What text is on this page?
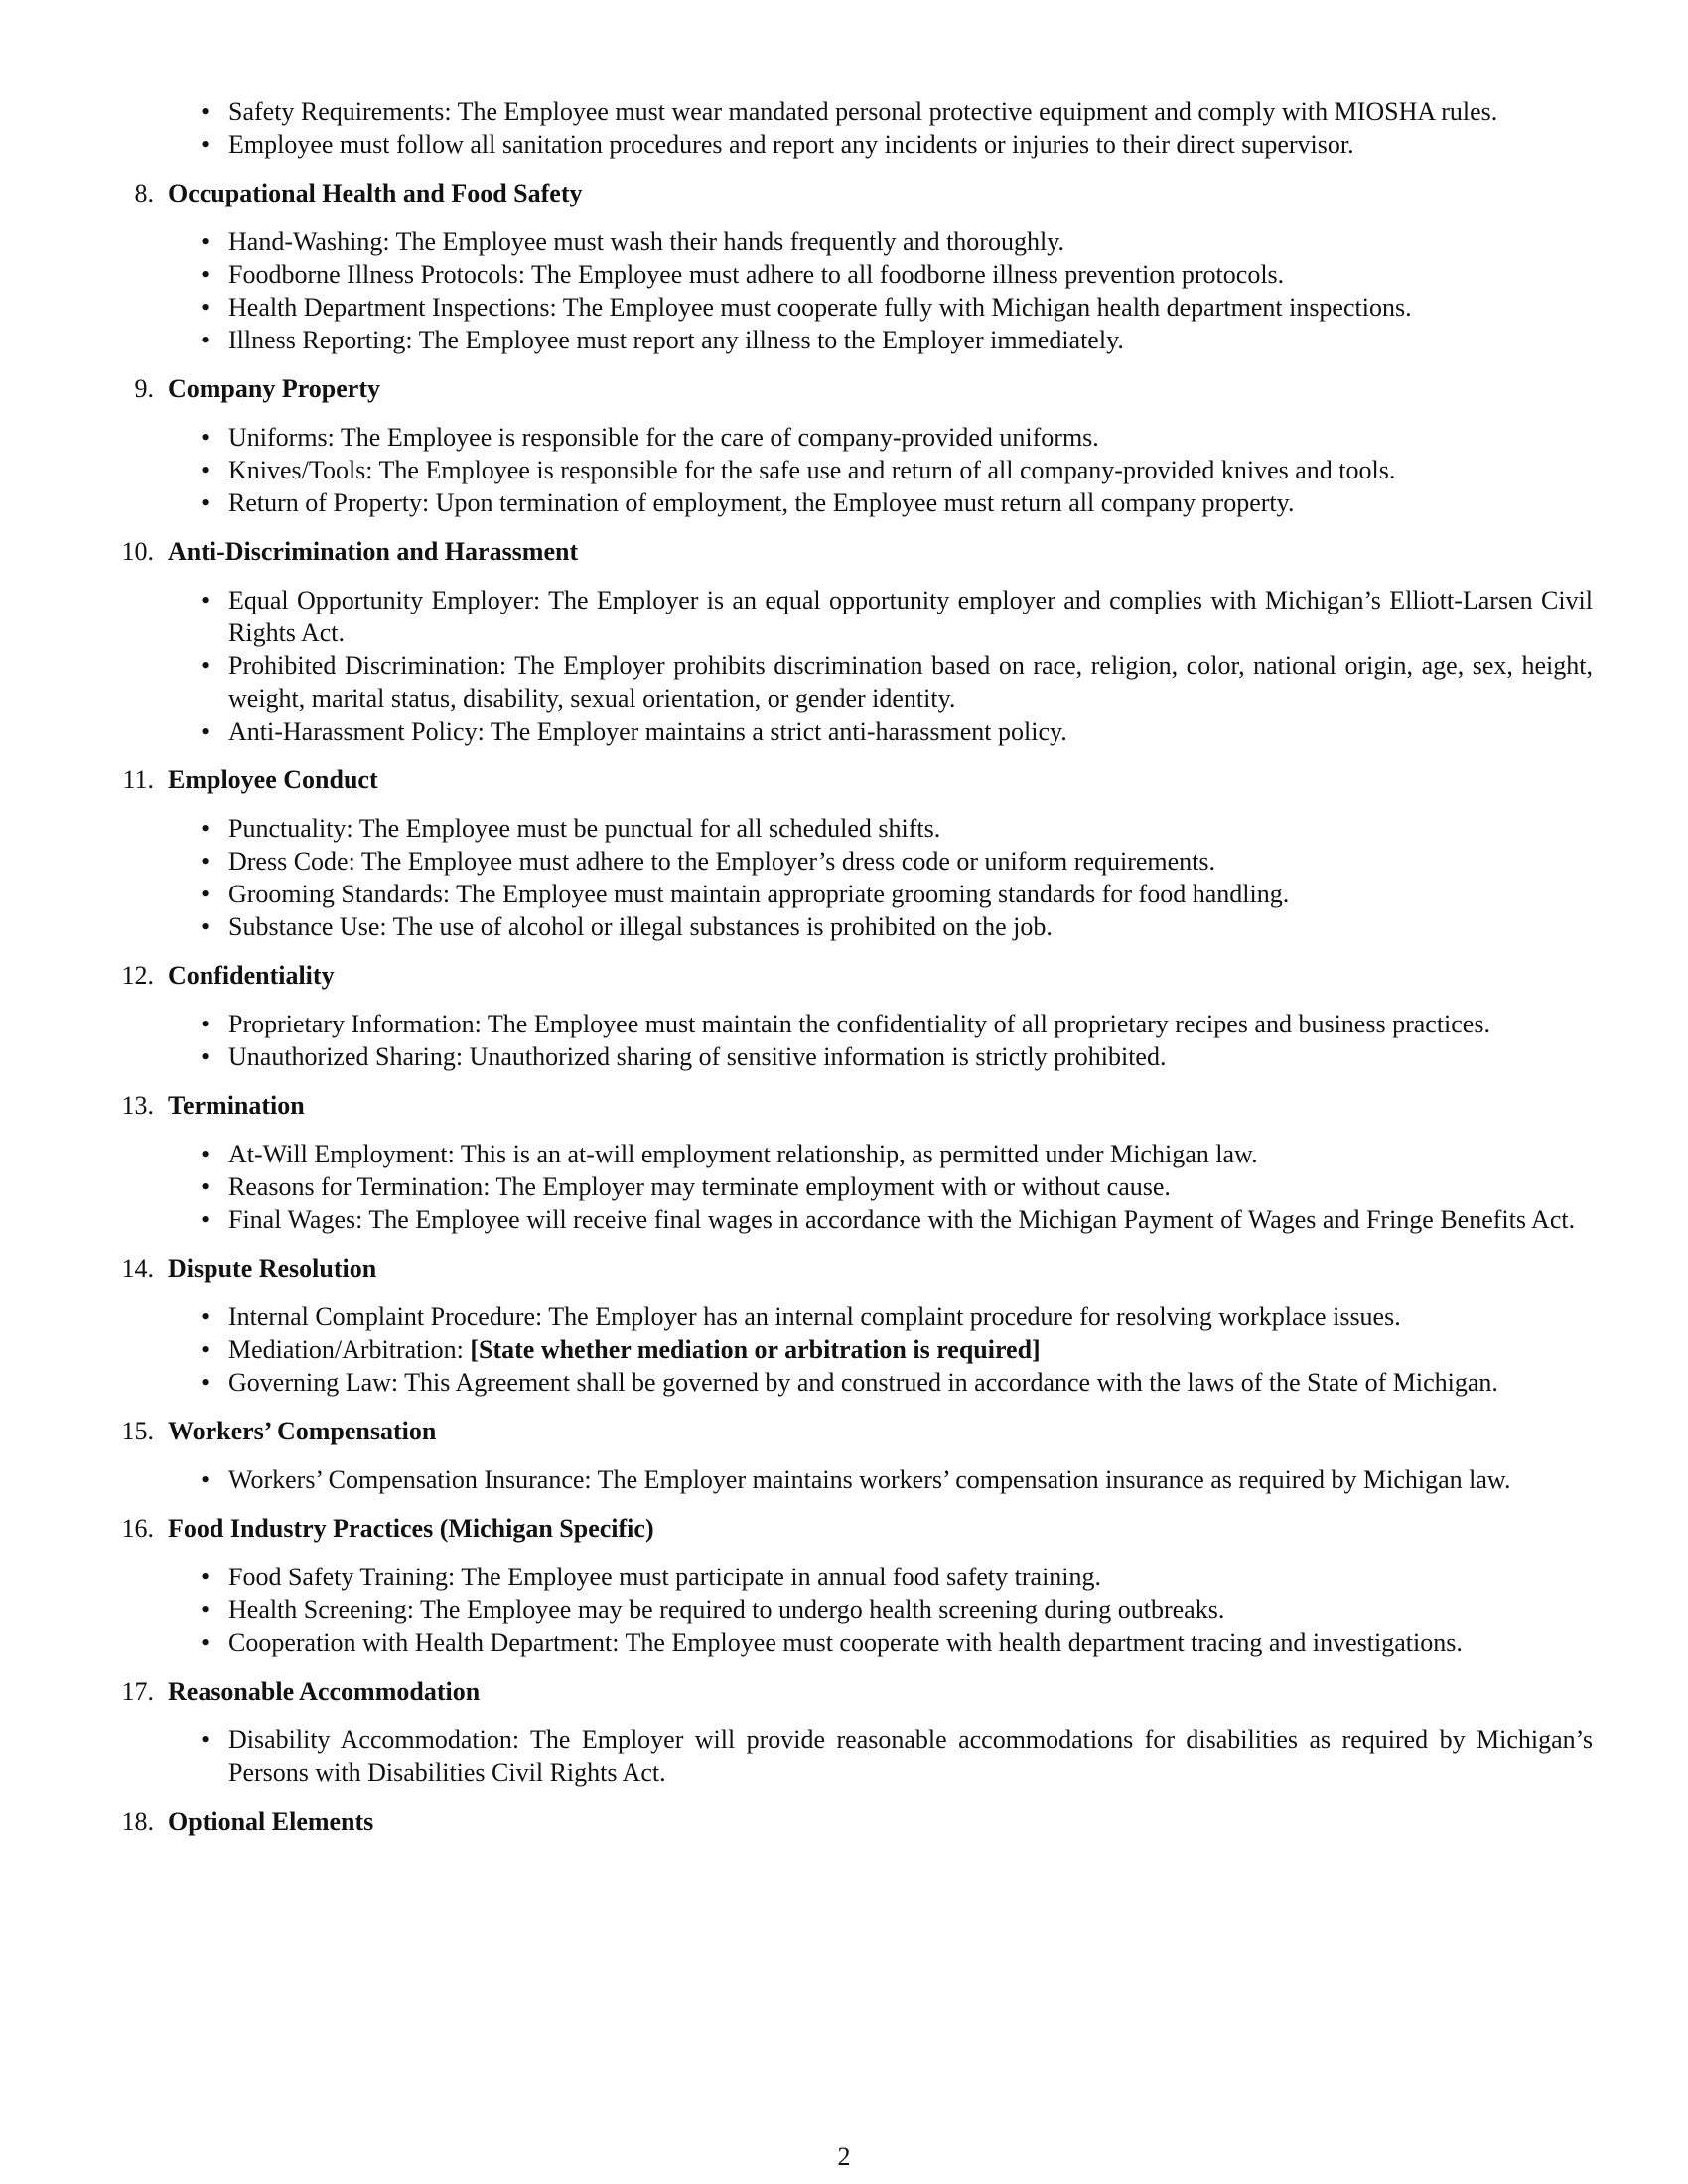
• Safety Requirements: The Employee must wear mandated personal protective equipment and comply with MIOSHA rules.
• Employee must follow all sanitation procedures and report any incidents or injuries to their direct supervisor.
8. Occupational Health and Food Safety
• Hand-Washing: The Employee must wash their hands frequently and thoroughly.
• Foodborne Illness Protocols: The Employee must adhere to all foodborne illness prevention protocols.
• Health Department Inspections: The Employee must cooperate fully with Michigan health department inspections.
• Illness Reporting: The Employee must report any illness to the Employer immediately.
9. Company Property
• Uniforms: The Employee is responsible for the care of company-provided uniforms.
• Knives/Tools: The Employee is responsible for the safe use and return of all company-provided knives and tools.
• Return of Property: Upon termination of employment, the Employee must return all company property.
10. Anti-Discrimination and Harassment
• Equal Opportunity Employer: The Employer is an equal opportunity employer and complies with Michigan’s Elliott-Larsen Civil Rights Act.
• Prohibited Discrimination: The Employer prohibits discrimination based on race, religion, color, national origin, age, sex, height, weight, marital status, disability, sexual orientation, or gender identity.
• Anti-Harassment Policy: The Employer maintains a strict anti-harassment policy.
11. Employee Conduct
• Punctuality: The Employee must be punctual for all scheduled shifts.
• Dress Code: The Employee must adhere to the Employer’s dress code or uniform requirements.
• Grooming Standards: The Employee must maintain appropriate grooming standards for food handling.
• Substance Use: The use of alcohol or illegal substances is prohibited on the job.
12. Confidentiality
• Proprietary Information: The Employee must maintain the confidentiality of all proprietary recipes and business practices.
• Unauthorized Sharing: Unauthorized sharing of sensitive information is strictly prohibited.
13. Termination
• At-Will Employment: This is an at-will employment relationship, as permitted under Michigan law.
• Reasons for Termination: The Employer may terminate employment with or without cause.
• Final Wages: The Employee will receive final wages in accordance with the Michigan Payment of Wages and Fringe Benefits Act.
14. Dispute Resolution
• Internal Complaint Procedure: The Employer has an internal complaint procedure for resolving workplace issues.
• Mediation/Arbitration: [State whether mediation or arbitration is required]
• Governing Law: This Agreement shall be governed by and construed in accordance with the laws of the State of Michigan.
15. Workers’ Compensation
• Workers’ Compensation Insurance: The Employer maintains workers’ compensation insurance as required by Michigan law.
16. Food Industry Practices (Michigan Specific)
• Food Safety Training: The Employee must participate in annual food safety training.
• Health Screening: The Employee may be required to undergo health screening during outbreaks.
• Cooperation with Health Department: The Employee must cooperate with health department tracing and investigations.
17. Reasonable Accommodation
• Disability Accommodation: The Employer will provide reasonable accommodations for disabilities as required by Michigan’s Persons with Disabilities Civil Rights Act.
18. Optional Elements
2
